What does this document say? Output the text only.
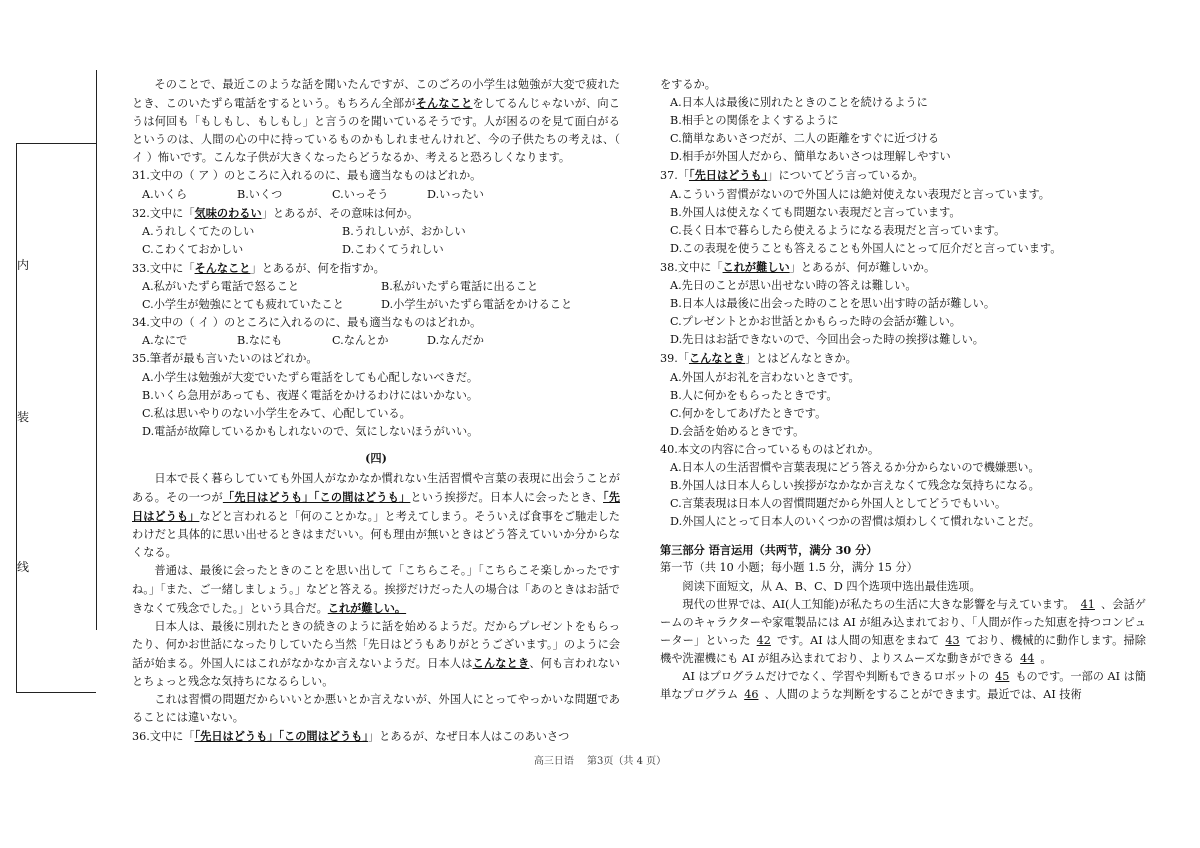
内
装
线

そのことで、最近このような話を聞いたんですが、このごろの小学生は勉強が大変で疲れたとき、このいたずら電話をするという。もちろん全部がそんなことをしてるんじゃないが、向こうは何回も「もしもし、もしもし」と言うのを聞いているそうです。人が困るのを見て面白がるというのは、人間の心の中に持っているものかもしれませんけれど、今の子供たちの考えは、（ イ ）怖いです。こんな子供が大きくなったらどうなるか、考えると恐ろしくなります。

31.文中の（ ア ）のところに入れるのに、最も適当なものはどれか。

A.いくら	B.いくつ	C.いっそう	D.いったい

32.文中に「気味のわるい」とあるが、その意味は何か。

A.うれしくてたのしい	B.うれしいが、おかしい
C.こわくておかしい	D.こわくてうれしい

33.文中に「そんなこと」とあるが、何を指すか。

A.私がいたずら電話で怒ること	B.私がいたずら電話に出ること
C.小学生が勉強にとても疲れていたこと	D.小学生がいたずら電話をかけること

34.文中の（ イ ）のところに入れるのに、最も適当なものはどれか。

A.なにで	B.なにも	C.なんとか	D.なんだか

35.筆者が最も言いたいのはどれか。

A.小学生は勉強が大変でいたずら電話をしても心配しないべきだ。

B.いくら急用があっても、夜遅く電話をかけるわけにはいかない。

C.私は思いやりのない小学生をみて、心配している。

D.電話が故障しているかもしれないので、気にしないほうがいい。

(四)

日本で長く暮らしていても外国人がなかなか慣れない生活習慣や言葉の表現に出会うことがある。その一つが「先日はどうも」「この間はどうも」という挨拶だ。日本人に会ったとき、「先日はどうも」などと言われると「何のことかな。」と考えてしまう。そういえば食事をご馳走したわけだと具体的に思い出せるときはまだいい。何も理由が無いときはどう答えていいか分からなくなる。

普通は、最後に会ったときのことを思い出して「こちらこそ。」「こちらこそ楽しかったですね。」「また、ご一緒しましょう。」などと答える。挨拶だけだった人の場合は「あのときはお話できなくて残念でした。」という具合だ。これが難しい。

日本人は、最後に別れたときの続きのように話を始めるようだ。だからプレゼントをもらったり、何かお世話になったりしていたら当然「先日はどうもありがとうございます。」のように会話が始まる。外国人にはこれがなかなか言えないようだ。日本人はこんなとき、何も言われないとちょっと残念な気持ちになるらしい。

これは習慣の問題だからいいとか悪いとか言えないが、外国人にとってやっかいな問題であることには違いない。

36.文中に「「先日はどうも」「この間はどうも」」とあるが、なぜ日本人はこのあいさつ

をするか。

A.日本人は最後に別れたときのことを続けるように

B.相手との関係をよくするように

C.簡単なあいさつだが、二人の距離をすぐに近づける

D.相手が外国人だから、簡単なあいさつは理解しやすい

37.「「先日はどうも」」についてどう言っているか。

A.こういう習慣がないので外国人には絶対使えない表現だと言っています。

B.外国人は使えなくても問題ない表現だと言っています。

C.長く日本で暮らしたら使えるようになる表現だと言っています。

D.この表現を使うことも答えることも外国人にとって厄介だと言っています。

38.文中に「これが難しい」とあるが、何が難しいか。

A.先日のことが思い出せない時の答えは難しい。

B.日本人は最後に出会った時のことを思い出す時の話が難しい。

C.プレゼントとかお世話とかもらった時の会話が難しい。

D.先日はお話できないので、今回出会った時の挨拶は難しい。

39.「こんなとき」とはどんなときか。

A.外国人がお礼を言わないときです。

B.人に何かをもらったときです。

C.何かをしてあげたときです。

D.会話を始めるときです。

40.本文の内容に合っているものはどれか。

A.日本人の生活習慣や言葉表現にどう答えるか分からないので機嫌悪い。

B.外国人は日本人らしい挨拶がなかなか言えなくて残念な気持ちになる。

C.言葉表現は日本人の習慣問題だから外国人としてどうでもいい。

D.外国人にとって日本人のいくつかの習慣は煩わしくて慣れないことだ。

第三部分 语言运用（共两节，满分 30 分）

第一节（共 10 小题；每小题 1.5 分，满分 15 分）

阅读下面短文，从 A、B、C、D 四个选项中选出最佳选项。

現代の世界では、AI(人工知能)が私たちの生活に大きな影響を与えています。 41 、会話ゲームのキャラクターや家電製品には AI が組み込まれており、「人間が作った知恵を持つコンピューター」といった 42 です。AI は人間の知恵をまねて 43 ており、機械的に動作します。掃除機や洗濯機にも AI が組み込まれており、よりスムーズな動きができる 44 。

AI はプログラムだけでなく、学習や判断もできるロボットの 45 ものです。一部の AI は簡単なプログラム 46 、人間のような判断をすることができます。最近では、AI 技術

高三日语　 第3页（共 4 页）
